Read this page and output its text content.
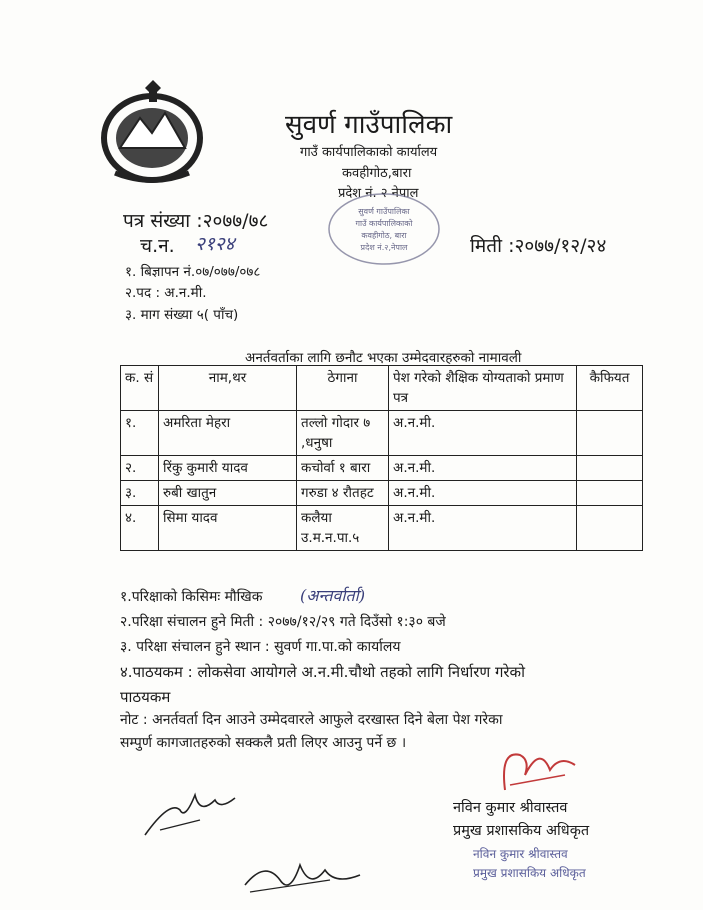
सुवर्ण गाउँपालिका
गाउँ कार्यपालिकाको कार्यालय
कवहीगोठ,बारा
प्रदेश नं. २ नेपाल
सुवर्ण गाउँपालिका
गाउँ कार्यपालिकाको
कवहीगोठ, बारा
प्रदेश नं.२,नेपाल
पत्र संख्या :२०७७/७८
च.न. २१२४	मिती :२०७७/१२/२४
१. बिज्ञापन नं.०७/०७७/०७८
२.पद : अ.न.मी.
३. माग संख्या ५( पाँच)
अनर्तवर्ताका लागि छनौट भएका उम्मेदवारहरुको नामावली
क. सं	नाम,थर	ठेगाना	पेश गरेको शैक्षिक योग्यताको प्रमाण पत्र	कैफियत
१.	अमरिता मेहरा	तल्लो गोदार ७ ,धनुषा	अ.न.मी.	
२.	रिंकु कुमारी यादव	कचोर्वा १ बारा	अ.न.मी.	
३.	रुबी खातुन	गरुडा ४ रौतहट	अ.न.मी.	
४.	सिमा यादव	कलैया उ.म.न.पा.५	अ.न.मी.	
१.परिक्षाको किसिमः मौखिक (अन्तर्वार्ता)
२.परिक्षा संचालन हुने मिती : २०७७/१२/२९ गते दिउँसो १:३० बजे
३. परिक्षा संचालन हुने स्थान : सुवर्ण गा.पा.को कार्यालय
४.पाठयकम : लोकसेवा आयोगले अ.न.मी.चौथो तहको लागि निर्धारण गरेको
पाठयकम
नोट : अनर्तवर्ता दिन आउने उम्मेदवारले आफुले दरखास्त दिने बेला पेश गरेका
सम्पुर्ण कागजातहरुको सक्कलै प्रती लिएर आउनु पर्ने छ ।
नविन कुमार श्रीवास्तव
प्रमुख प्रशासकिय अधिकृत
नविन कुमार श्रीवास्तव
प्रमुख प्रशासकिय अधिकृत
